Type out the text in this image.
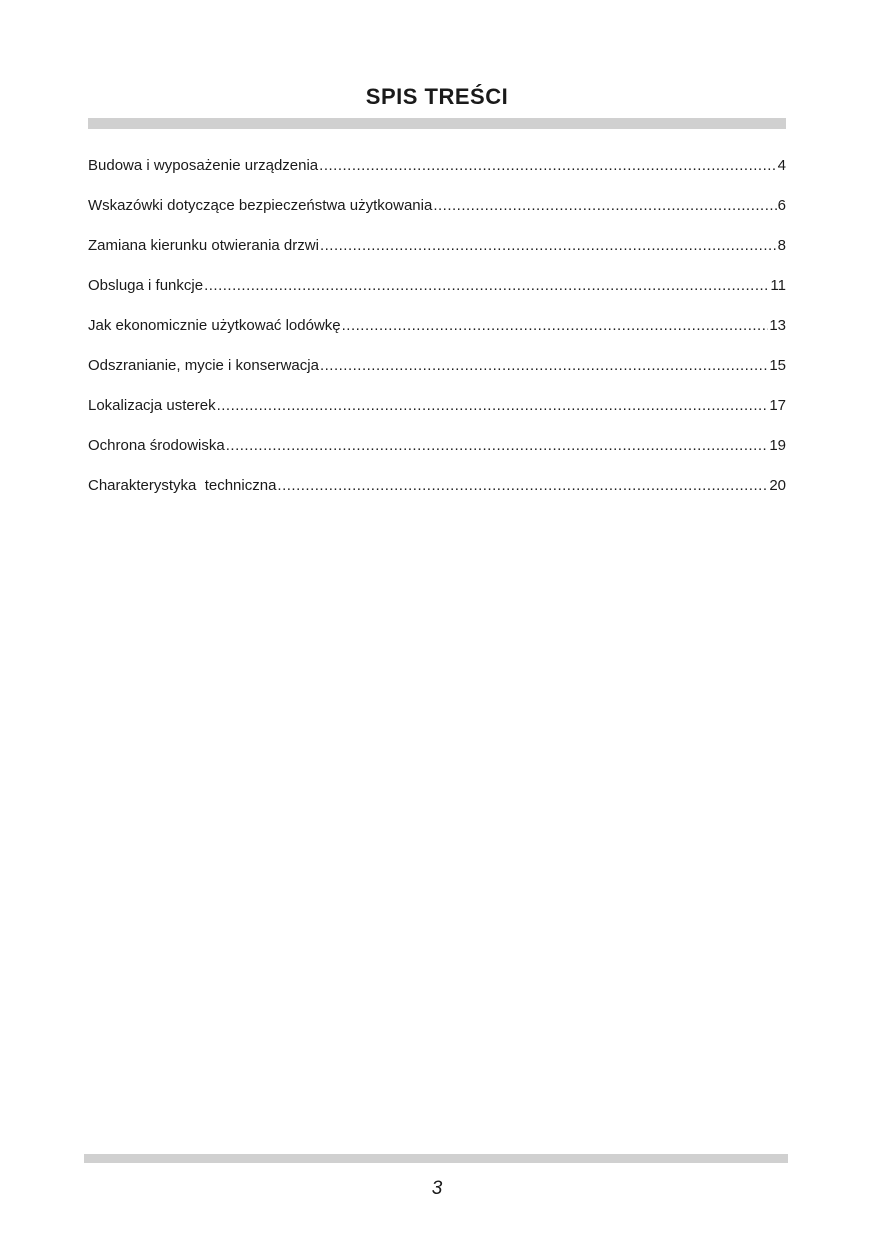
SPIS TREŚCI
Budowa i wyposażenie urządzenia .....	4
Wskazówki dotyczące bezpieczeństwa użytkowania .....	6
Zamiana kierunku otwierania drzwi .....	8
Obsluga i funkcje .....	11
Jak ekonomicznie użytkować lodówkę .....	13
Odszranianie, mycie i konserwacja .....	15
Lokalizacja usterek .....	17
Ochrona środowiska .....	19
Charakterystyka  techniczna .....	20
3
